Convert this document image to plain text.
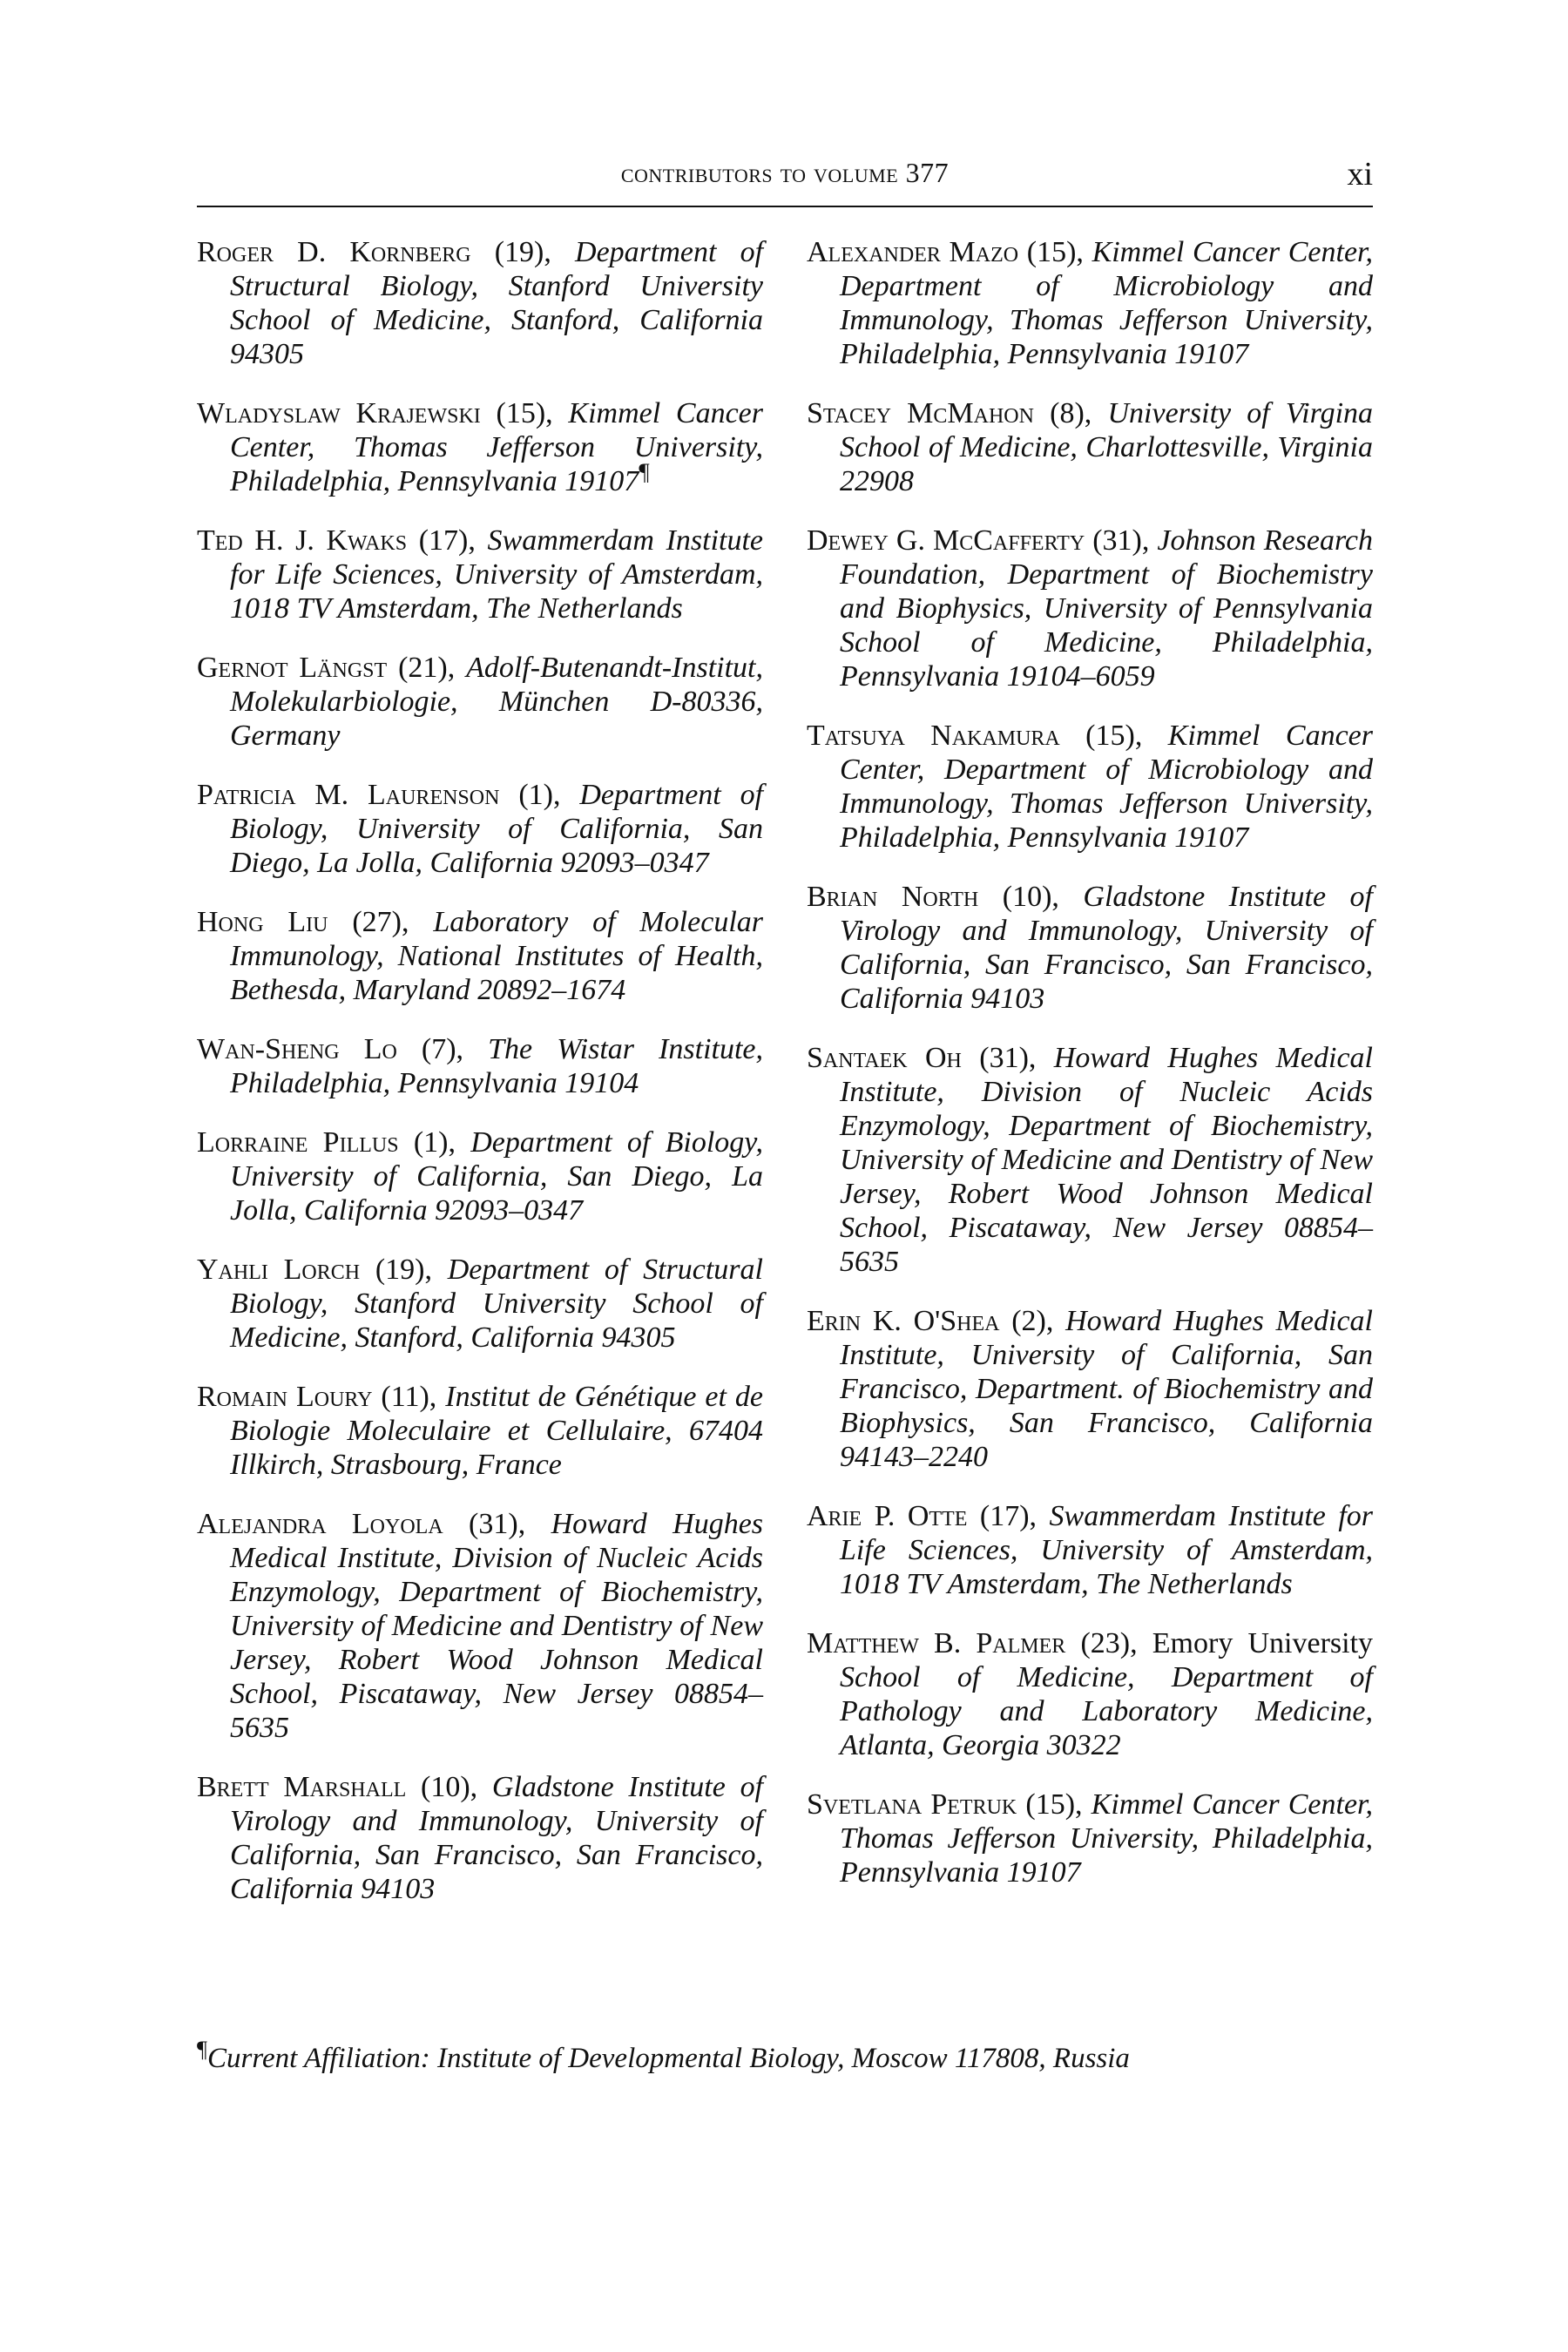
contributors to volume 377	xi

Roger D. Kornberg (19), Department of Structural Biology, Stanford University School of Medicine, Stanford, California 94305

Wladyslaw Krajewski (15), Kimmel Cancer Center, Thomas Jefferson University, Philadelphia, Pennsylvania 19107¶

Ted H. J. Kwaks (17), Swammerdam Institute for Life Sciences, University of Amsterdam, 1018 TV Amsterdam, The Netherlands

Gernot Längst (21), Adolf-Butenandt-Institut, Molekularbiologie, München D-80336, Germany

Patricia M. Laurenson (1), Department of Biology, University of California, San Diego, La Jolla, California 92093–0347

Hong Liu (27), Laboratory of Molecular Immunology, National Institutes of Health, Bethesda, Maryland 20892–1674

Wan-Sheng Lo (7), The Wistar Institute, Philadelphia, Pennsylvania 19104

Lorraine Pillus (1), Department of Biology, University of California, San Diego, La Jolla, California 92093–0347

Yahli Lorch (19), Department of Structural Biology, Stanford University School of Medicine, Stanford, California 94305

Romain Loury (11), Institut de Génétique et de Biologie Moleculaire et Cellulaire, 67404 Illkirch, Strasbourg, France

Alejandra Loyola (31), Howard Hughes Medical Institute, Division of Nucleic Acids Enzymology, Department of Biochemistry, University of Medicine and Dentistry of New Jersey, Robert Wood Johnson Medical School, Piscataway, New Jersey 08854–5635

Brett Marshall (10), Gladstone Institute of Virology and Immunology, University of California, San Francisco, San Francisco, California 94103

Alexander Mazo (15), Kimmel Cancer Center, Department of Microbiology and Immunology, Thomas Jefferson University, Philadelphia, Pennsylvania 19107

Stacey McMahon (8), University of Virgina School of Medicine, Charlottesville, Virginia 22908

Dewey G. McCafferty (31), Johnson Research Foundation, Department of Biochemistry and Biophysics, University of Pennsylvania School of Medicine, Philadelphia, Pennsylvania 19104–6059

Tatsuya Nakamura (15), Kimmel Cancer Center, Department of Microbiology and Immunology, Thomas Jefferson University, Philadelphia, Pennsylvania 19107

Brian North (10), Gladstone Institute of Virology and Immunology, University of California, San Francisco, San Francisco, California 94103

Santaek Oh (31), Howard Hughes Medical Institute, Division of Nucleic Acids Enzymology, Department of Biochemistry, University of Medicine and Dentistry of New Jersey, Robert Wood Johnson Medical School, Piscataway, New Jersey 08854–5635

Erin K. O'Shea (2), Howard Hughes Medical Institute, University of California, San Francisco, Department. of Biochemistry and Biophysics, San Francisco, California 94143–2240

Arie P. Otte (17), Swammerdam Institute for Life Sciences, University of Amsterdam, 1018 TV Amsterdam, The Netherlands

Matthew B. Palmer (23), Emory University School of Medicine, Department of Pathology and Laboratory Medicine, Atlanta, Georgia 30322

Svetlana Petruk (15), Kimmel Cancer Center, Thomas Jefferson University, Philadelphia, Pennsylvania 19107

¶Current Affiliation: Institute of Developmental Biology, Moscow 117808, Russia
